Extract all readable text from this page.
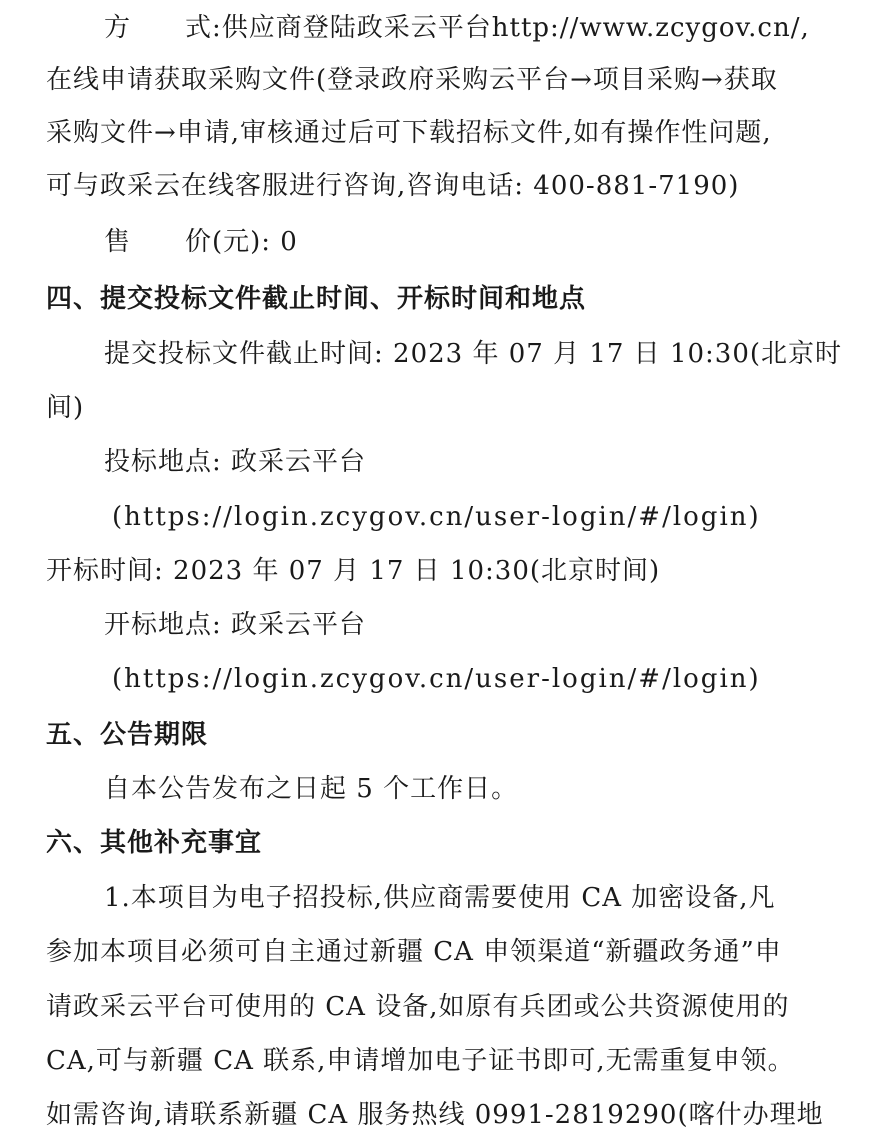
方　　式:供应商登陆政采云平台http://www.zcygov.cn/,
在线申请获取采购文件(登录政府采购云平台→项目采购→获取
采购文件→申请,审核通过后可下载招标文件,如有操作性问题,
可与政采云在线客服进行咨询,咨询电话: 400-881-7190)
售　　价(元): 0
四、提交投标文件截止时间、开标时间和地点
提交投标文件截止时间: 2023 年 07 月 17 日 10:30(北京时
间)
投标地点: 政采云平台
(https://login.zcygov.cn/user-login/#/login)
开标时间: 2023 年 07 月 17 日 10:30(北京时间)
开标地点: 政采云平台
(https://login.zcygov.cn/user-login/#/login)
五、公告期限
自本公告发布之日起 5 个工作日。
六、其他补充事宜
1.本项目为电子招投标,供应商需要使用 CA 加密设备,凡
参加本项目必须可自主通过新疆 CA 申领渠道“新疆政务通”申
请政采云平台可使用的 CA 设备,如原有兵团或公共资源使用的
CA,可与新疆 CA 联系,申请增加电子证书即可,无需重复申领。
如需咨询,请联系新疆 CA 服务热线 0991-2819290(喀什办理地
